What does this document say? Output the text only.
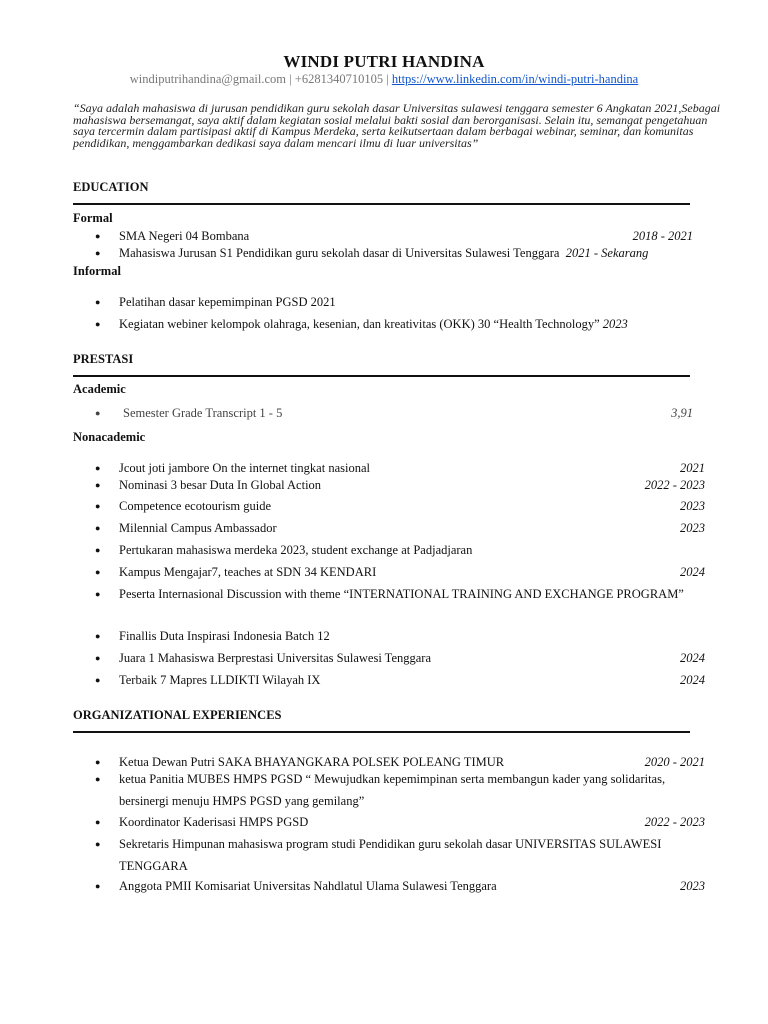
WINDI PUTRI HANDINA
windiputrihandina@gmail.com | +6281340710105 | https://www.linkedin.com/in/windi-putri-handina
“Saya adalah mahasiswa di jurusan pendidikan guru sekolah dasar Universitas sulawesi tenggara semester 6 Angkatan 2021,Sebagai mahasiswa bersemangat, saya aktif dalam kegiatan sosial melalui bakti sosial dan berorganisasi. Selain itu, semangat pengetahuan saya tercermin dalam partisipasi aktif di Kampus Merdeka, serta keikutsertaan dalam berbagai webinar, seminar, dan komunitas pendidikan, menggambarkan dedikasi saya dalam mencari ilmu di luar universitas”
EDUCATION
Formal
● SMA Negeri 04 Bombana	2018 - 2021
● Mahasiswa Jurusan S1 Pendidikan guru sekolah dasar di Universitas Sulawesi Tenggara 2021 - Sekarang
Informal
● Pelatihan dasar kepemimpinan PGSD 2021
● Kegiatan webiner kelompok olahraga, kesenian, dan kreativitas (OKK) 30 “Health Technology” 2023
PRESTASI
Academic
● Semester Grade Transcript 1 - 5	3,91
Nonacademic
● Jcout joti jambore On the internet tingkat nasional	2021
● Nominasi 3 besar Duta In Global Action	2022 - 2023
● Competence ecotourism guide	2023
● Milennial Campus Ambassador	2023
● Pertukaran mahasiswa merdeka 2023, student exchange at Padjadjaran
● Kampus Mengajar7, teaches at SDN 34 KENDARI	2024
● Peserta Internasional Discussion with theme “INTERNATIONAL TRAINING AND EXCHANGE PROGRAM”
● Finallis Duta Inspirasi Indonesia Batch 12
● Juara 1 Mahasiswa Berprestasi Universitas Sulawesi Tenggara	2024
● Terbaik 7 Mapres LLDIKTI Wilayah IX	2024
ORGANIZATIONAL EXPERIENCES
● Ketua Dewan Putri SAKA BHAYANGKARA POLSEK POLEANG TIMUR	2020 - 2021
● ketua Panitia MUBES HMPS PGSD “ Mewujudkan kepemimpinan serta membangun kader yang solidaritas, bersinergi menuju HMPS PGSD yang gemilang”
● Koordinator Kaderisasi HMPS PGSD	2022 - 2023
● Sekretaris Himpunan mahasiswa program studi Pendidikan guru sekolah dasar UNIVERSITAS SULAWESI TENGGARA
● Anggota PMII Komisariat Universitas Nahdlatul Ulama Sulawesi Tenggara	2023
